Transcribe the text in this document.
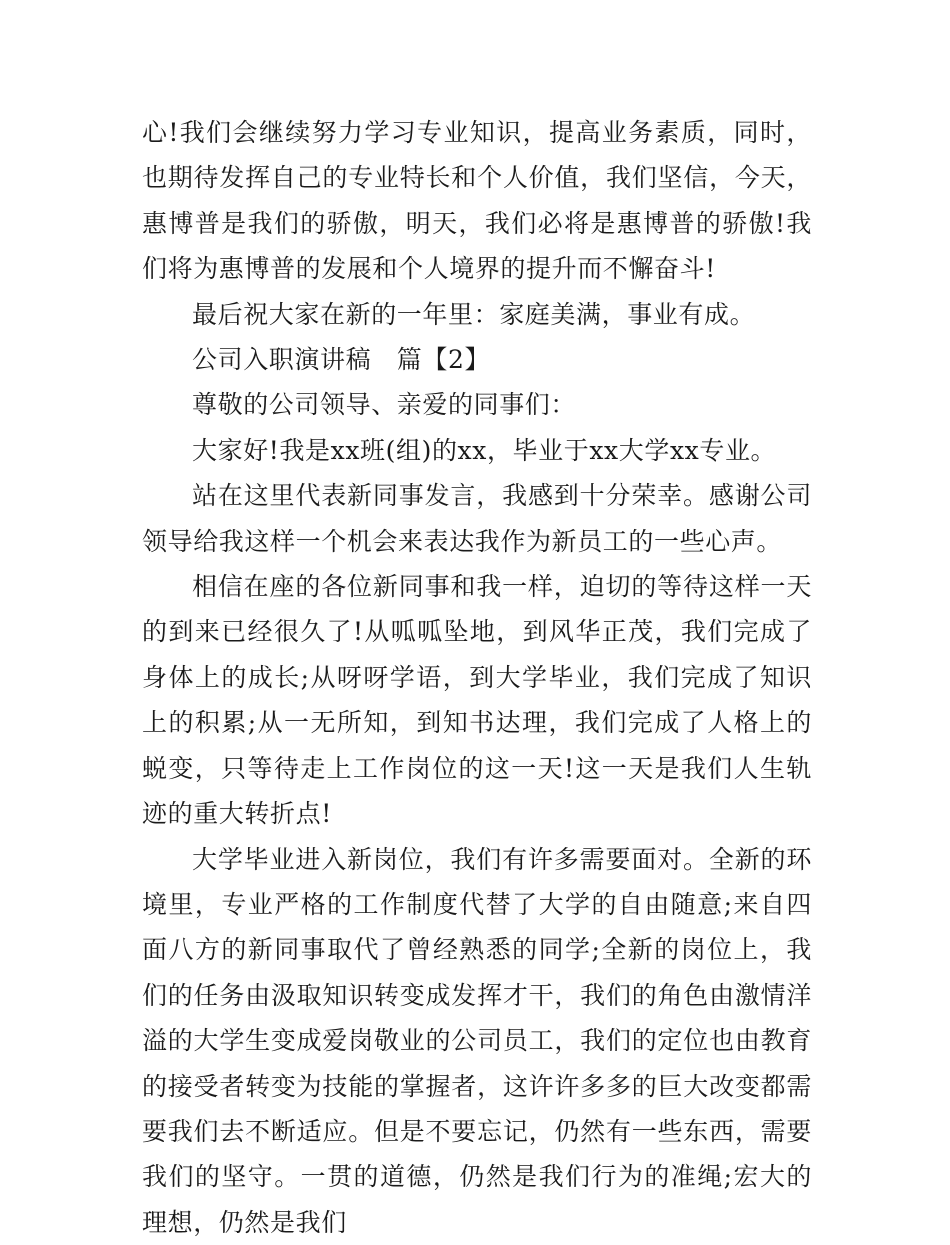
心!我们会继续努力学习专业知识，提高业务素质，同时，也期待发挥自己的专业特长和个人价值，我们坚信，今天，惠博普是我们的骄傲，明天，我们必将是惠博普的骄傲!我们将为惠博普的发展和个人境界的提升而不懈奋斗!

最后祝大家在新的一年里：家庭美满，事业有成。

公司入职演讲稿　篇【2】

尊敬的公司领导、亲爱的同事们：

大家好!我是xx班(组)的xx，毕业于xx大学xx专业。

站在这里代表新同事发言，我感到十分荣幸。感谢公司领导给我这样一个机会来表达我作为新员工的一些心声。

相信在座的各位新同事和我一样，迫切的等待这样一天的到来已经很久了!从呱呱坠地，到风华正茂，我们完成了身体上的成长;从呀呀学语，到大学毕业，我们完成了知识上的积累;从一无所知，到知书达理，我们完成了人格上的蜕变，只等待走上工作岗位的这一天!这一天是我们人生轨迹的重大转折点!

大学毕业进入新岗位，我们有许多需要面对。全新的环境里，专业严格的工作制度代替了大学的自由随意;来自四面八方的新同事取代了曾经熟悉的同学;全新的岗位上，我们的任务由汲取知识转变成发挥才干，我们的角色由激情洋溢的大学生变成爱岗敬业的公司员工，我们的定位也由教育的接受者转变为技能的掌握者，这许许多多的巨大改变都需要我们去不断适应。但是不要忘记，仍然有一些东西，需要我们的坚守。一贯的道德，仍然是我们行为的准绳;宏大的理想，仍然是我们
